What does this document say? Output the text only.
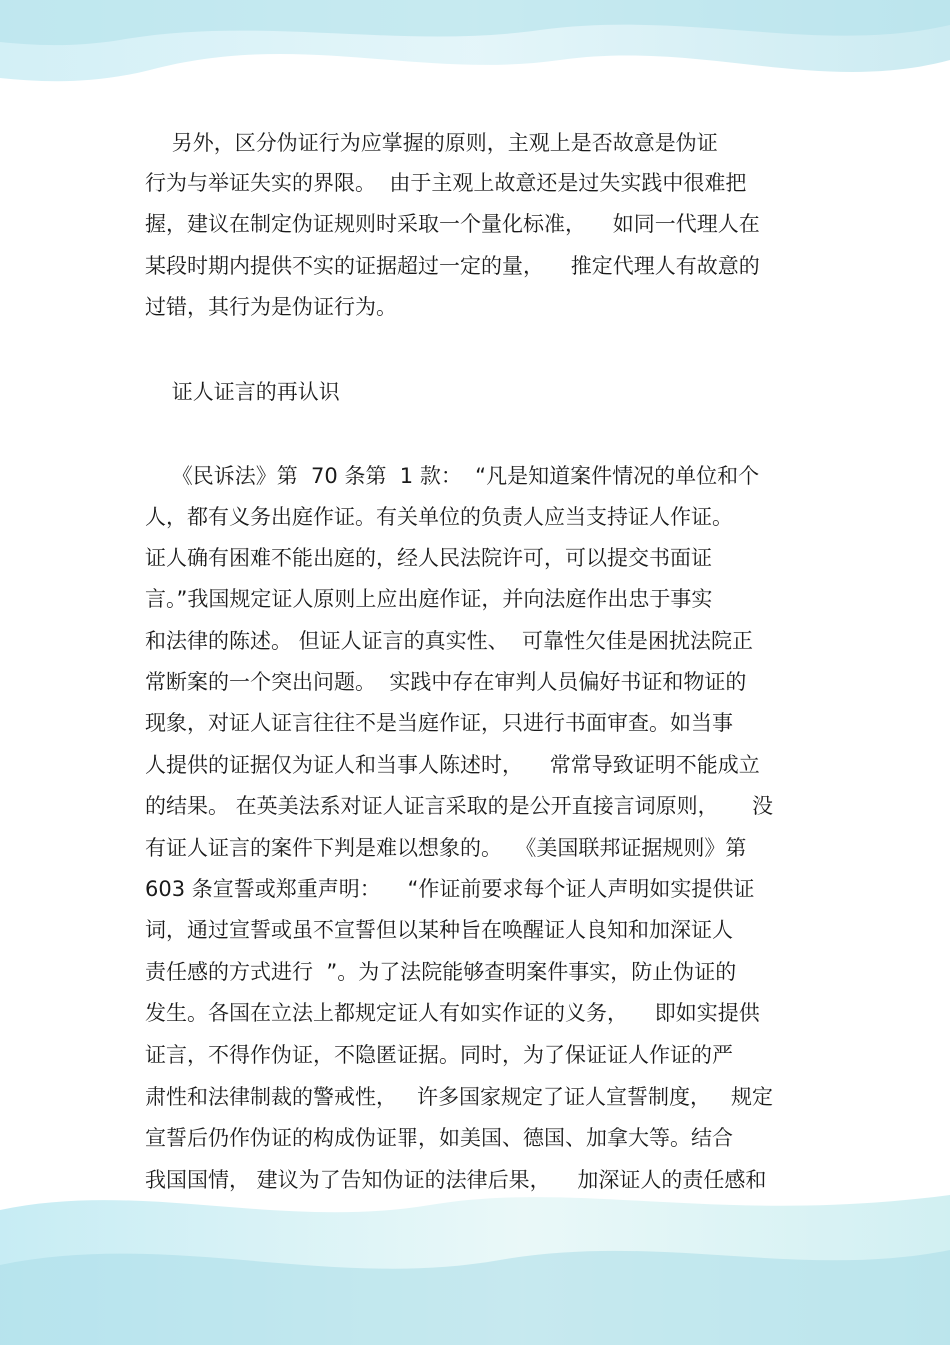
另外，区分伪证行为应掌握的原则，主观上是否故意是伪证
行为与举证失实的界限。  由于主观上故意还是过失实践中很难把
握，建议在制定伪证规则时采取一个量化标准，    如同一代理人在
某段时期内提供不实的证据超过一定的量，    推定代理人有故意的
过错，其行为是伪证行为。
证人证言的再认识
《民诉法》第  70 条第  1 款：  “凡是知道案件情况的单位和个
人，都有义务出庭作证。有关单位的负责人应当支持证人作证。
证人确有困难不能出庭的，经人民法院许可，可以提交书面证
言。”我国规定证人原则上应出庭作证，并向法庭作出忠于事实
和法律的陈述。 但证人证言的真实性、  可靠性欠佳是困扰法院正
常断案的一个突出问题。  实践中存在审判人员偏好书证和物证的
现象，对证人证言往往不是当庭作证，只进行书面审查。如当事
人提供的证据仅为证人和当事人陈述时，    常常导致证明不能成立
的结果。 在英美法系对证人证言采取的是公开直接言词原则，     没
有证人证言的案件下判是难以想象的。  《美国联邦证据规则》第
603 条宣誓或郑重声明：    “作证前要求每个证人声明如实提供证
词，通过宣誓或虽不宣誓但以某种旨在唤醒证人良知和加深证人
责任感的方式进行  ”。为了法院能够查明案件事实，防止伪证的
发生。各国在立法上都规定证人有如实作证的义务，    即如实提供
证言，不得作伪证，不隐匿证据。同时，为了保证证人作证的严
肃性和法律制裁的警戒性，   许多国家规定了证人宣誓制度，   规定
宣誓后仍作伪证的构成伪证罪，如美国、德国、加拿大等。结合
我国国情， 建议为了告知伪证的法律后果，    加深证人的责任感和
